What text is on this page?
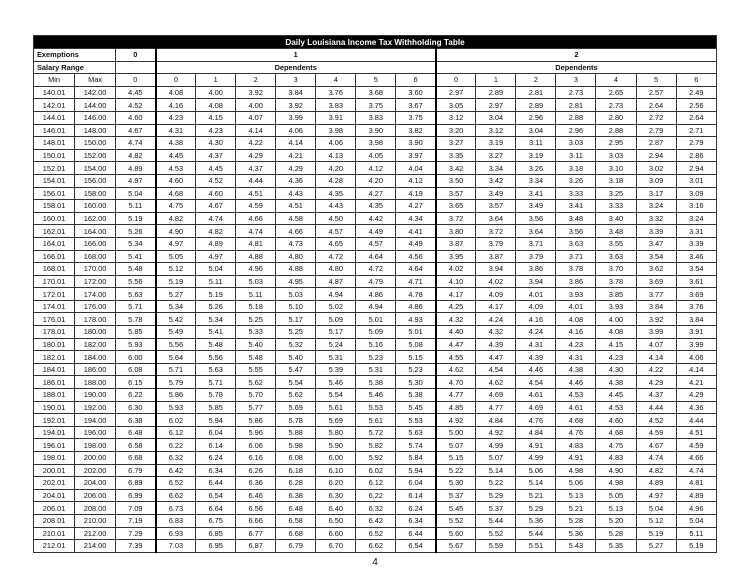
Daily Louisiana Income Tax Withholding Table																
Exemptions		0	1							2						
Salary Range			Dependents							Dependents						
Min	Max	0	0	1	2	3	4	5	6	0	1	2	3	4	5	6
140.01	142.00	4.45	4.08	4.00	3.92	3.84	3.76	3.68	3.60	2.97	2.89	2.81	2.73	2.65	2.57	2.49
142.01	144.00	4.52	4.16	4.08	4.00	3.92	3.83	3.75	3.67	3.05	2.97	2.89	2.81	2.73	2.64	2.56
144.01	146.00	4.60	4.23	4.15	4.07	3.99	3.91	3.83	3.75	3.12	3.04	2.96	2.88	2.80	2.72	2.64
146.01	148.00	4.67	4.31	4.23	4.14	4.06	3.98	3.90	3.82	3.20	3.12	3.04	2.96	2.88	2.79	2.71
148.01	150.00	4.74	4.38	4.30	4.22	4.14	4.06	3.98	3.90	3.27	3.19	3.11	3.03	2.95	2.87	2.79
150.01	152.00	4.82	4.45	4.37	4.29	4.21	4.13	4.05	3.97	3.35	3.27	3.19	3.11	3.03	2.94	2.86
152.01	154.00	4.89	4.53	4.45	4.37	4.29	4.20	4.12	4.04	3.42	3.34	3.26	3.18	3.10	3.02	2.94
154.01	156.00	4.97	4.60	4.52	4.44	4.36	4.28	4.20	4.12	3.50	3.42	3.34	3.26	3.18	3.09	3.01
156.01	158.00	5.04	4.68	4.60	4.51	4.43	4.35	4.27	4.19	3.57	3.49	3.41	3.33	3.25	3.17	3.09
158.01	160.00	5.11	4.75	4.67	4.59	4.51	4.43	4.35	4.27	3.65	3.57	3.49	3.41	3.33	3.24	3.16
160.01	162.00	5.19	4.82	4.74	4.66	4.58	4.50	4.42	4.34	3.72	3.64	3.56	3.48	3.40	3.32	3.24
162.01	164.00	5.26	4.90	4.82	4.74	4.66	4.57	4.49	4.41	3.80	3.72	3.64	3.56	3.48	3.39	3.31
164.01	166.00	5.34	4.97	4.89	4.81	4.73	4.65	4.57	4.49	3.87	3.79	3.71	3.63	3.55	3.47	3.39
166.01	168.00	5.41	5.05	4.97	4.88	4.80	4.72	4.64	4.56	3.95	3.87	3.79	3.71	3.63	3.54	3.46
168.01	170.00	5.48	5.12	5.04	4.96	4.88	4.80	4.72	4.64	4.02	3.94	3.86	3.78	3.70	3.62	3.54
170.01	172.00	5.56	5.19	5.11	5.03	4.95	4.87	4.79	4.71	4.10	4.02	3.94	3.86	3.78	3.69	3.61
172.01	174.00	5.63	5.27	5.19	5.11	5.03	4.94	4.86	4.78	4.17	4.09	4.01	3.93	3.85	3.77	3.69
174.01	176.00	5.71	5.34	5.26	5.18	5.10	5.02	4.94	4.86	4.25	4.17	4.09	4.01	3.93	3.84	3.76
176.01	178.00	5.78	5.42	5.34	5.25	5.17	5.09	5.01	4.93	4.32	4.24	4.16	4.08	4.00	3.92	3.84
178.01	180.00	5.85	5.49	5.41	5.33	5.25	5.17	5.09	5.01	4.40	4.32	4.24	4.16	4.08	3.99	3.91
180.01	182.00	5.93	5.56	5.48	5.40	5.32	5.24	5.16	5.08	4.47	4.39	4.31	4.23	4.15	4.07	3.99
182.01	184.00	6.00	5.64	5.56	5.48	5.40	5.31	5.23	5.15	4.55	4.47	4.39	4.31	4.23	4.14	4.06
184.01	186.00	6.08	5.71	5.63	5.55	5.47	5.39	5.31	5.23	4.62	4.54	4.46	4.38	4.30	4.22	4.14
186.01	188.00	6.15	5.79	5.71	5.62	5.54	5.46	5.38	5.30	4.70	4.62	4.54	4.46	4.38	4.29	4.21
188.01	190.00	6.22	5.86	5.78	5.70	5.62	5.54	5.46	5.38	4.77	4.69	4.61	4.53	4.45	4.37	4.29
190.01	192.00	6.30	5.93	5.85	5.77	5.69	5.61	5.53	5.45	4.85	4.77	4.69	4.61	4.53	4.44	4.36
192.01	194.00	6.38	6.02	5.94	5.86	5.78	5.69	5.61	5.53	4.92	4.84	4.76	4.68	4.60	4.52	4.44
194.01	196.00	6.48	6.12	6.04	5.96	5.88	5.80	5.72	5.63	5.00	4.92	4.84	4.76	4.68	4.59	4.51
196.01	198.00	6.58	6.22	6.14	6.06	5.98	5.90	5.82	5.74	5.07	4.99	4.91	4.83	4.75	4.67	4.59
198.01	200.00	6.68	6.32	6.24	6.16	6.08	6.00	5.92	5.84	5.15	5.07	4.99	4.91	4.83	4.74	4.66
200.01	202.00	6.79	6.42	6.34	6.26	6.18	6.10	6.02	5.94	5.22	5.14	5.06	4.98	4.90	4.82	4.74
202.01	204.00	6.89	6.52	6.44	6.36	6.28	6.20	6.12	6.04	5.30	5.22	5.14	5.06	4.98	4.89	4.81
204.01	206.00	6.99	6.62	6.54	6.46	6.38	6.30	6.22	6.14	5.37	5.29	5.21	5.13	5.05	4.97	4.89
206.01	208.00	7.09	6.73	6.64	6.56	6.48	6.40	6.32	6.24	5.45	5.37	5.29	5.21	5.13	5.04	4.96
208.01	210.00	7.19	6.83	6.75	6.66	6.58	6.50	6.42	6.34	5.52	5.44	5.36	5.28	5.20	5.12	5.04
210.01	212.00	7.29	6.93	6.85	6.77	6.68	6.60	6.52	6.44	5.60	5.52	5.44	5.36	5.28	5.19	5.11
212.01	214.00	7.39	7.03	6.95	6.87	6.79	6.70	6.62	6.54	5.67	5.59	5.51	5.43	5.35	5.27	5.19
4
